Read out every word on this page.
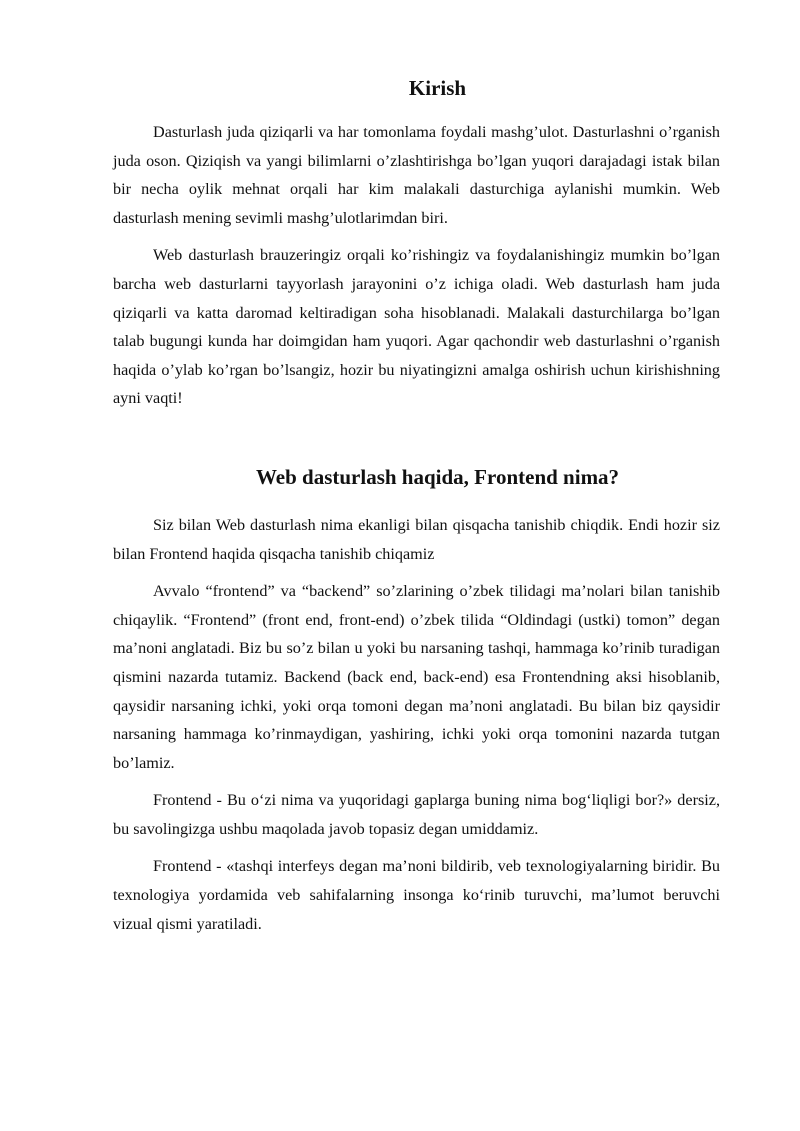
Kirish

Dasturlash juda qiziqarli va har tomonlama foydali mashg’ulot. Dasturlashni o’rganish juda oson. Qiziqish va yangi bilimlarni o’zlashtirishga bo’lgan yuqori darajadagi istak bilan bir necha oylik mehnat orqali har kim malakali dasturchiga aylanishi mumkin. Web dasturlash mening sevimli mashg’ulotlarimdan biri.

Web dasturlash brauzeringiz orqali ko’rishingiz va foydalanishingiz mumkin bo’lgan barcha web dasturlarni tayyorlash jarayonini o’z ichiga oladi. Web dasturlash ham juda qiziqarli va katta daromad keltiradigan soha hisoblanadi. Malakali dasturchilarga bo’lgan talab bugungi kunda har doimgidan ham yuqori. Agar qachondir web dasturlashni o’rganish haqida o’ylab ko’rgan bo’lsangiz, hozir bu niyatingizni amalga oshirish uchun kirishishning ayni vaqti!

Web dasturlash haqida, Frontend nima?

Siz bilan Web dasturlash nima ekanligi bilan qisqacha tanishib chiqdik. Endi hozir siz bilan Frontend haqida qisqacha tanishib chiqamiz

Avvalo “frontend” va “backend” so’zlarining o’zbek tilidagi ma’nolari bilan tanishib chiqaylik. “Frontend” (front end, front-end) o’zbek tilida “Oldindagi (ustki) tomon” degan ma’noni anglatadi. Biz bu so’z bilan u yoki bu narsaning tashqi, hammaga ko’rinib turadigan qismini nazarda tutamiz. Backend (back end, back-end) esa Frontendning aksi hisoblanib, qaysidir narsaning ichki, yoki orqa tomoni degan ma’noni anglatadi. Bu bilan biz qaysidir narsaning hammaga ko’rinmaydigan, yashiring, ichki yoki orqa tomonini nazarda tutgan bo’lamiz.

Frontend - Bu o‘zi nima va yuqoridagi gaplarga buning nima bog‘liqligi bor?» dersiz, bu savolingizga ushbu maqolada javob topasiz degan umiddamiz.

Frontend - «tashqi interfeys degan ma’noni bildirib, veb texnologiyalarning biridir. Bu texnologiya yordamida veb sahifalarning insonga ko‘rinib turuvchi, ma’lumot beruvchi vizual qismi yaratiladi.
